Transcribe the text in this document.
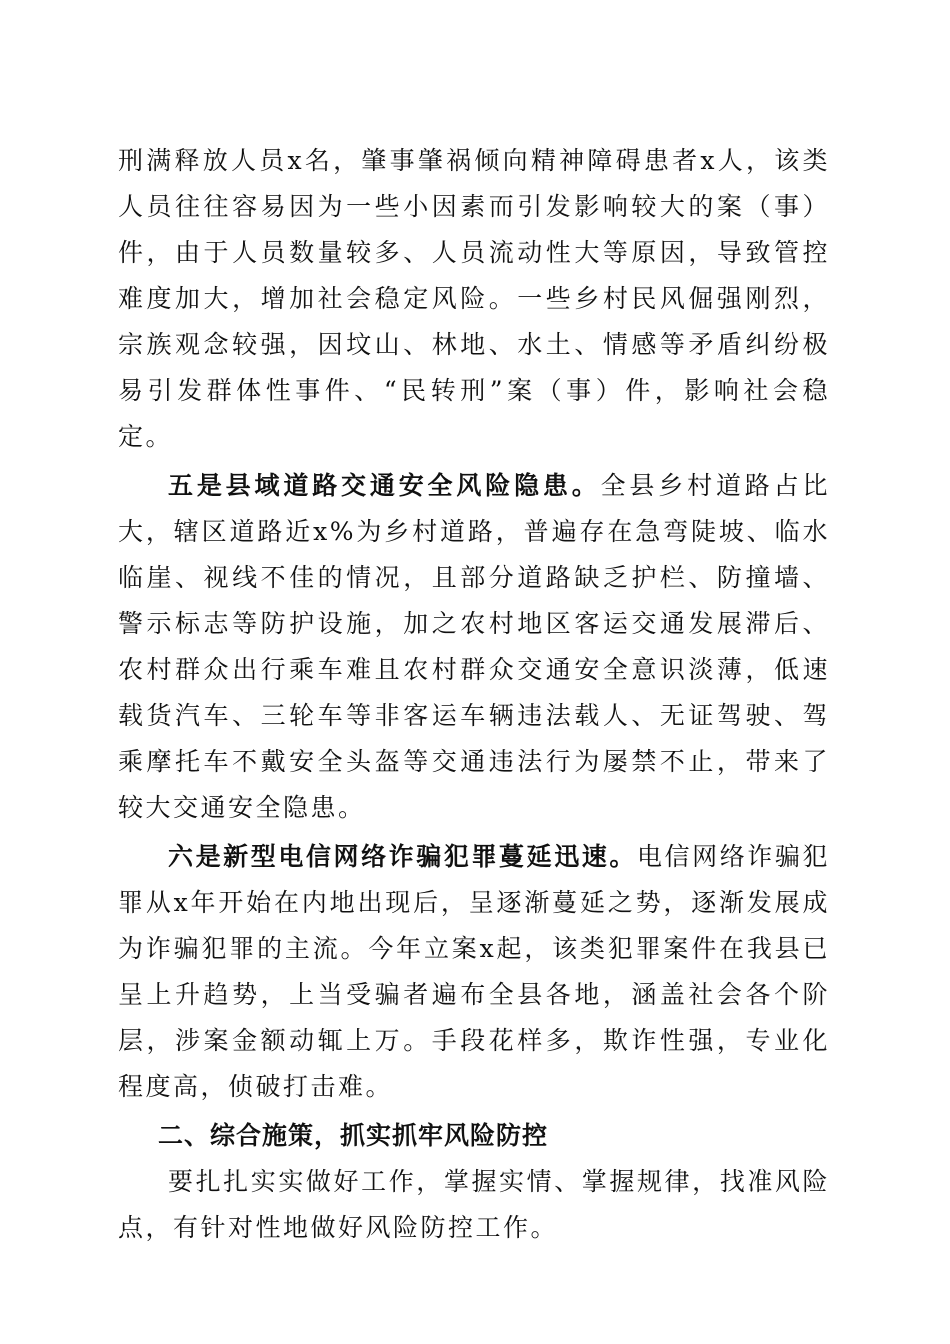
刑满释放人员x名，肇事肇祸倾向精神障碍患者x人，该类人员往往容易因为一些小因素而引发影响较大的案（事）件，由于人员数量较多、人员流动性大等原因，导致管控难度加大，增加社会稳定风险。一些乡村民风倔强刚烈，宗族观念较强，因坟山、林地、水土、情感等矛盾纠纷极易引发群体性事件、“民转刑”案（事）件，影响社会稳定。

五是县域道路交通安全风险隐患。全县乡村道路占比大，辖区道路近x%为乡村道路，普遍存在急弯陡坡、临水临崖、视线不佳的情况，且部分道路缺乏护栏、防撞墙、警示标志等防护设施，加之农村地区客运交通发展滞后、农村群众出行乘车难且农村群众交通安全意识淡薄，低速载货汽车、三轮车等非客运车辆违法载人、无证驾驶、驾乘摩托车不戴安全头盔等交通违法行为屡禁不止，带来了较大交通安全隐患。

六是新型电信网络诈骗犯罪蔓延迅速。电信网络诈骗犯罪从x年开始在内地出现后，呈逐渐蔓延之势，逐渐发展成为诈骗犯罪的主流。今年立案x起，该类犯罪案件在我县已呈上升趋势，上当受骗者遍布全县各地，涵盖社会各个阶层，涉案金额动辄上万。手段花样多，欺诈性强，专业化程度高，侦破打击难。

二、综合施策，抓实抓牢风险防控

要扎扎实实做好工作，掌握实情、掌握规律，找准风险点，有针对性地做好风险防控工作。
